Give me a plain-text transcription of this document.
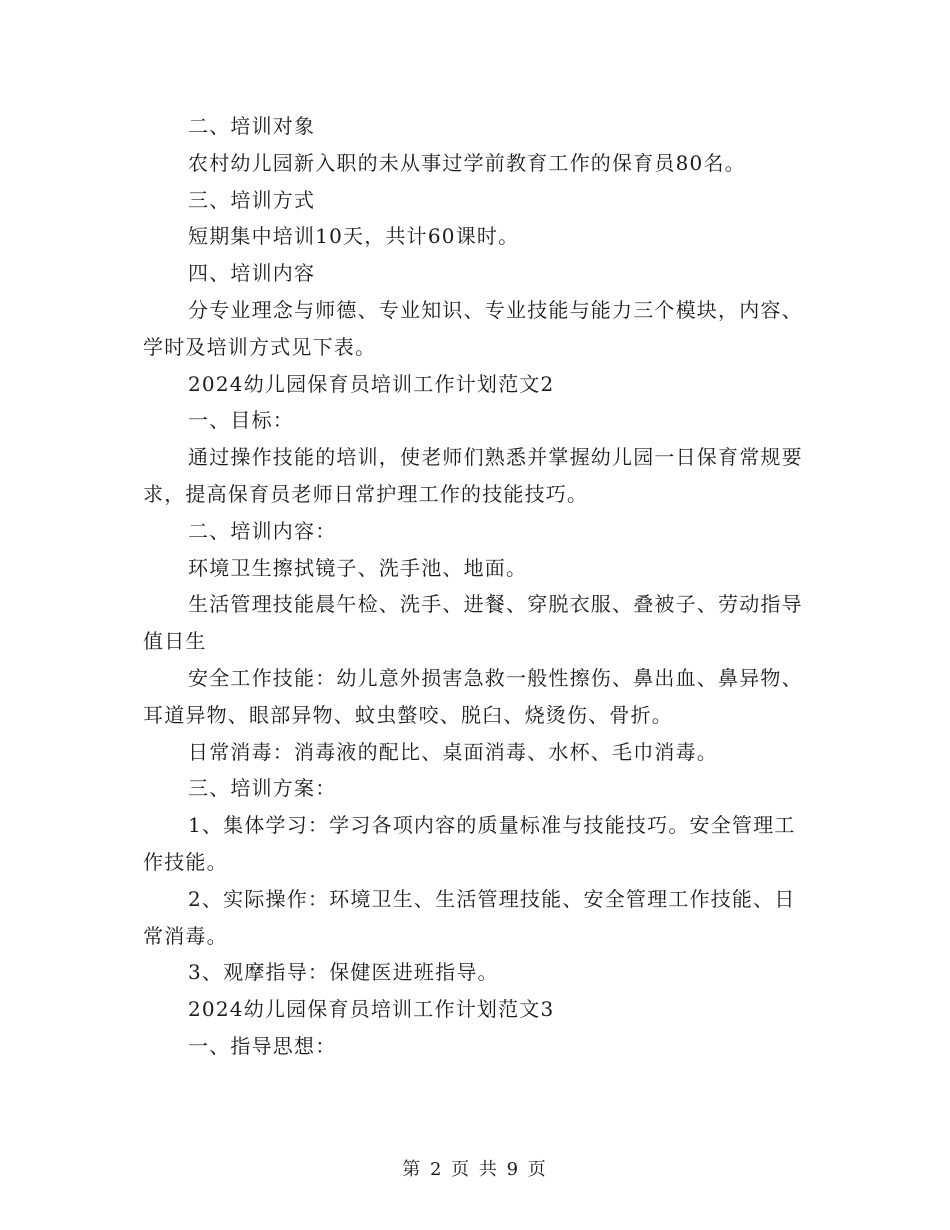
二、培训对象

农村幼儿园新入职的未从事过学前教育工作的保育员80名。

三、培训方式

短期集中培训10天，共计60课时。

四、培训内容

分专业理念与师德、专业知识、专业技能与能力三个模块，内容、学时及培训方式见下表。

2024幼儿园保育员培训工作计划范文2

一、目标：

通过操作技能的培训，使老师们熟悉并掌握幼儿园一日保育常规要求，提高保育员老师日常护理工作的技能技巧。

二、培训内容：

环境卫生擦拭镜子、洗手池、地面。

生活管理技能晨午检、洗手、进餐、穿脱衣服、叠被子、劳动指导值日生

安全工作技能：幼儿意外损害急救一般性擦伤、鼻出血、鼻异物、耳道异物、眼部异物、蚊虫螫咬、脱臼、烧烫伤、骨折。

日常消毒：消毒液的配比、桌面消毒、水杯、毛巾消毒。

三、培训方案：

1、集体学习：学习各项内容的质量标准与技能技巧。安全管理工作技能。

2、实际操作：环境卫生、生活管理技能、安全管理工作技能、日常消毒。

3、观摩指导：保健医进班指导。

2024幼儿园保育员培训工作计划范文3

一、指导思想：

第 2 页 共 9 页
